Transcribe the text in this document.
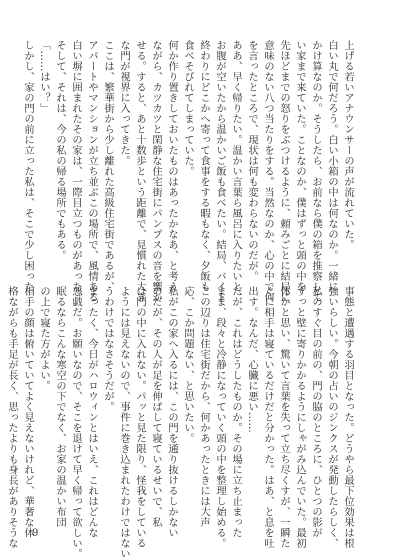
上げる若いアナウンサーの声が流れていた。

白い丸で何だろう。白い小箱の中は何なのか。一緒に

かけ算なのか。そうしたら、お前なら僕の箱を推察して

い家まで来ていた。ことなのか、僕はずっと頭の中を

先ほどまでの怒りをぶつけるように、頼みごとに結局に

意味のない八つ当たりをする。当然なのか、心の中で何

を言ったところで、現状は何も変わらないのだが。

ああ、早く帰りたい。温かい言葉ら風呂に入りたいと、

お腹が空いたから温かいご飯も食べたい。結局、バイト

終わりにどこかへ寄って食事をする暇もなく、夕飯も

食べそびれてしまっていた。

何か作り置きしておいたものはあったかなあ、と考え

ながら、カツカツと閑静な住宅街にパンプスの音を響か

せる。すると、あと十数歩という距離で、見慣れた大き

な門が視界に入ってきた。

ここは、繁華街から少し離れた高級住宅街であるが、

アパートやマンションが立ち並ぶこの場所で、風情ある

白い塀に囲まれたその家は、一際目立つものがあった。

そして、それは、今の私の帰る場所でもある。

「……はい？」

しかし、家の門の前に立った私は、そこで少し困った

事態と遭遇する羽目となった。どうやら最下位効果は根

強いらしい。今朝の占いのジンクスが発動したらしく、

私のすぐ目の前の、門の脇のところに、ひとつの影が

ずっと壁に寄りかかるようにしゃがみ込んでいた。最初

体かと思い、驚いて言葉を失って立ち尽くすが、一瞬た

ぐに相手は寝ているだけだと分かった。はあ、と息を吐

出す。なんだ、心臓に悪い……

だが、これはどうしたものか。その場に立ち止まった

まま、段々と冷静になっていく頭の中を整理し始める。

この辺りは住宅街だから、何かあったときには大声

応、こか問題ない、と思いたい。

私がこの家へ入るには、この門を通り抜けるしかない

のだが、その人が足を伸ばして寝ているせいで、私

は門の中に入れない。パッと見た限り、怪我をしている

ようには見えないので、事件に巻き込まれたわけではない

うわけではなさそうだが。

まったく、今日がハロウィンとはいえ、これはどんな

悪戯だ。お願いなので、そこを退けて早く帰って欲しい。

眠るならこんな寒空の下でなく、お家の温かい布団

の上で寝た方がよい。

相手の顔は俯いていてよく見えないけれど、華奢な体

格ながらも手足が長く、思ったよりも身長がありそうな 9
